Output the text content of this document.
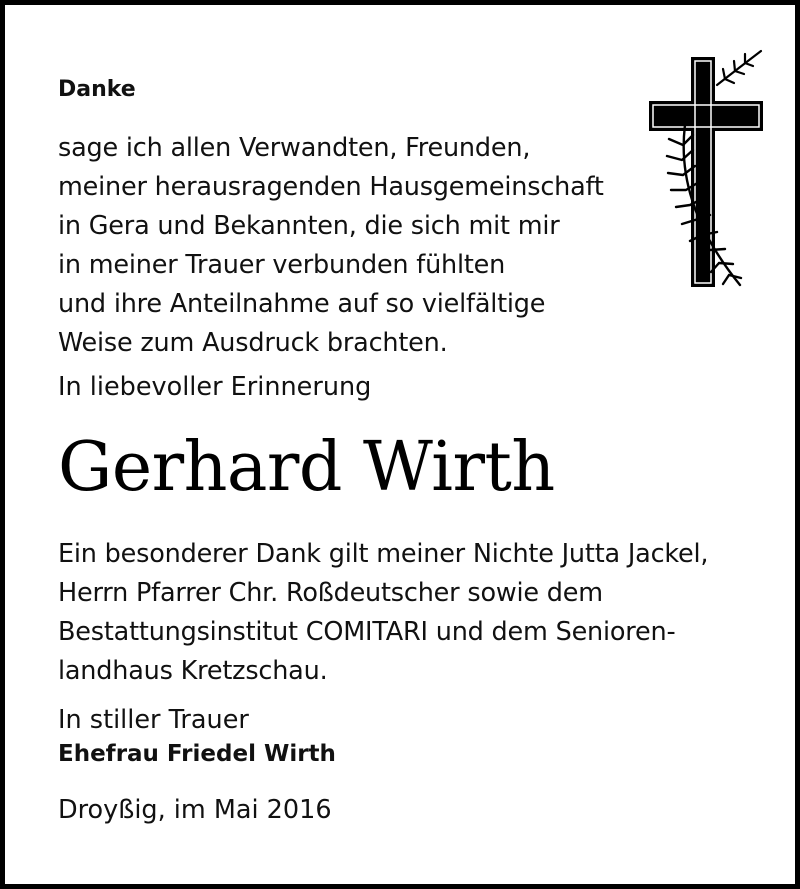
Danke

sage ich allen Verwandten, Freunden,
meiner herausragenden Hausgemeinschaft
in Gera und Bekannten, die sich mit mir
in meiner Trauer verbunden fühlten
und ihre Anteilnahme auf so vielfältige
Weise zum Ausdruck brachten.

In liebevoller Erinnerung

Gerhard Wirth

Ein besonderer Dank gilt meiner Nichte Jutta Jackel,
Herrn Pfarrer Chr. Roßdeutscher sowie dem
Bestattungsinstitut COMITARI und dem Senioren-
landhaus Kretzschau.

In stiller Trauer

Ehefrau Friedel Wirth

Droyßig, im Mai 2016
